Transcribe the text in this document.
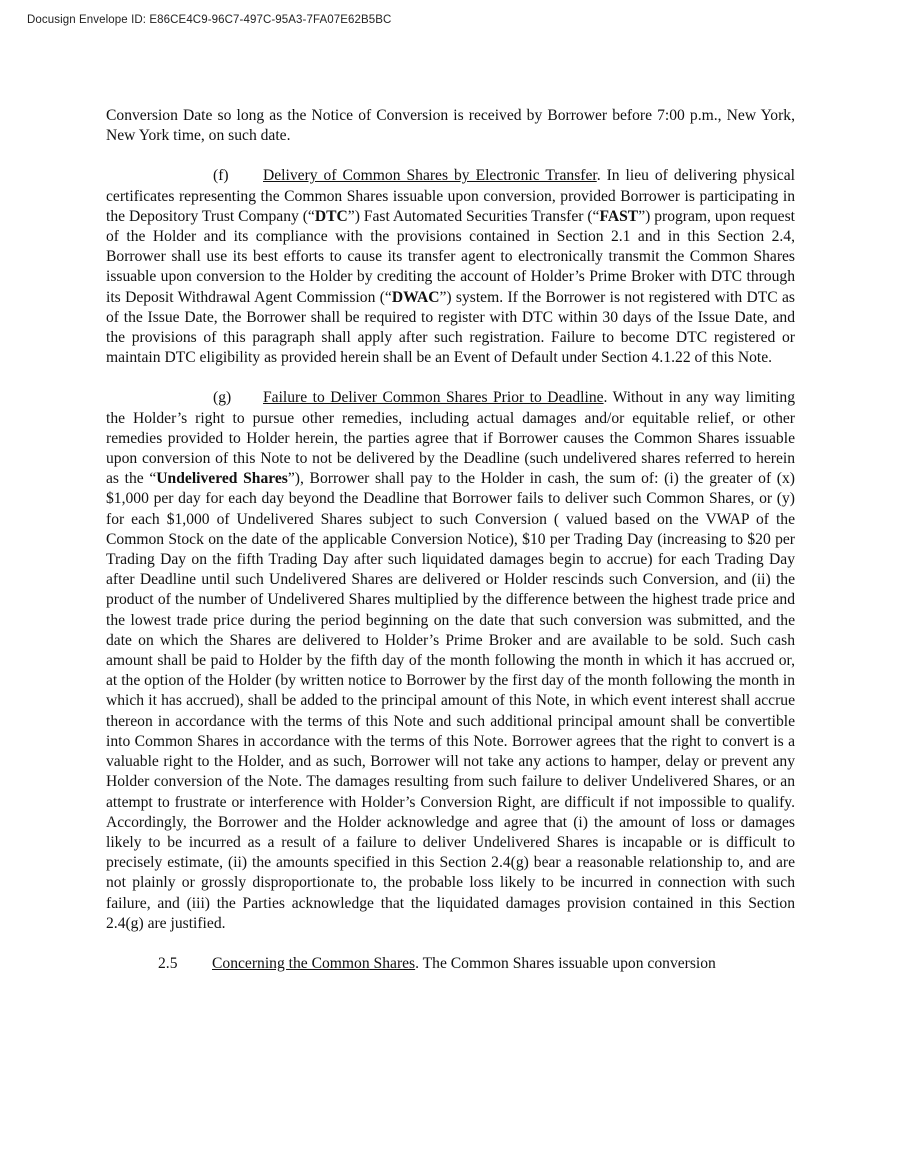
Docusign Envelope ID: E86CE4C9-96C7-497C-95A3-7FA07E62B5BC

Conversion Date so long as the Notice of Conversion is received by Borrower before 7:00 p.m., New York, New York time, on such date.

(f) Delivery of Common Shares by Electronic Transfer. In lieu of delivering physical certificates representing the Common Shares issuable upon conversion, provided Borrower is participating in the Depository Trust Company (“DTC”) Fast Automated Securities Transfer (“FAST”) program, upon request of the Holder and its compliance with the provisions contained in Section 2.1 and in this Section 2.4, Borrower shall use its best efforts to cause its transfer agent to electronically transmit the Common Shares issuable upon conversion to the Holder by crediting the account of Holder’s Prime Broker with DTC through its Deposit Withdrawal Agent Commission (“DWAC”) system. If the Borrower is not registered with DTC as of the Issue Date, the Borrower shall be required to register with DTC within 30 days of the Issue Date, and the provisions of this paragraph shall apply after such registration. Failure to become DTC registered or maintain DTC eligibility as provided herein shall be an Event of Default under Section 4.1.22 of this Note.

(g) Failure to Deliver Common Shares Prior to Deadline. Without in any way limiting the Holder’s right to pursue other remedies, including actual damages and/or equitable relief, or other remedies provided to Holder herein, the parties agree that if Borrower causes the Common Shares issuable upon conversion of this Note to not be delivered by the Deadline (such undelivered shares referred to herein as the “Undelivered Shares”), Borrower shall pay to the Holder in cash, the sum of: (i) the greater of (x) $1,000 per day for each day beyond the Deadline that Borrower fails to deliver such Common Shares, or (y) for each $1,000 of Undelivered Shares subject to such Conversion ( valued based on the VWAP of the Common Stock on the date of the applicable Conversion Notice), $10 per Trading Day (increasing to $20 per Trading Day on the fifth Trading Day after such liquidated damages begin to accrue) for each Trading Day after Deadline until such Undelivered Shares are delivered or Holder rescinds such Conversion, and (ii) the product of the number of Undelivered Shares multiplied by the difference between the highest trade price and the lowest trade price during the period beginning on the date that such conversion was submitted, and the date on which the Shares are delivered to Holder’s Prime Broker and are available to be sold. Such cash amount shall be paid to Holder by the fifth day of the month following the month in which it has accrued or, at the option of the Holder (by written notice to Borrower by the first day of the month following the month in which it has accrued), shall be added to the principal amount of this Note, in which event interest shall accrue thereon in accordance with the terms of this Note and such additional principal amount shall be convertible into Common Shares in accordance with the terms of this Note. Borrower agrees that the right to convert is a valuable right to the Holder, and as such, Borrower will not take any actions to hamper, delay or prevent any Holder conversion of the Note. The damages resulting from such failure to deliver Undelivered Shares, or an attempt to frustrate or interference with Holder’s Conversion Right, are difficult if not impossible to qualify. Accordingly, the Borrower and the Holder acknowledge and agree that (i) the amount of loss or damages likely to be incurred as a result of a failure to deliver Undelivered Shares is incapable or is difficult to precisely estimate, (ii) the amounts specified in this Section 2.4(g) bear a reasonable relationship to, and are not plainly or grossly disproportionate to, the probable loss likely to be incurred in connection with such failure, and (iii) the Parties acknowledge that the liquidated damages provision contained in this Section 2.4(g) are justified.

2.5 Concerning the Common Shares. The Common Shares issuable upon conversion
